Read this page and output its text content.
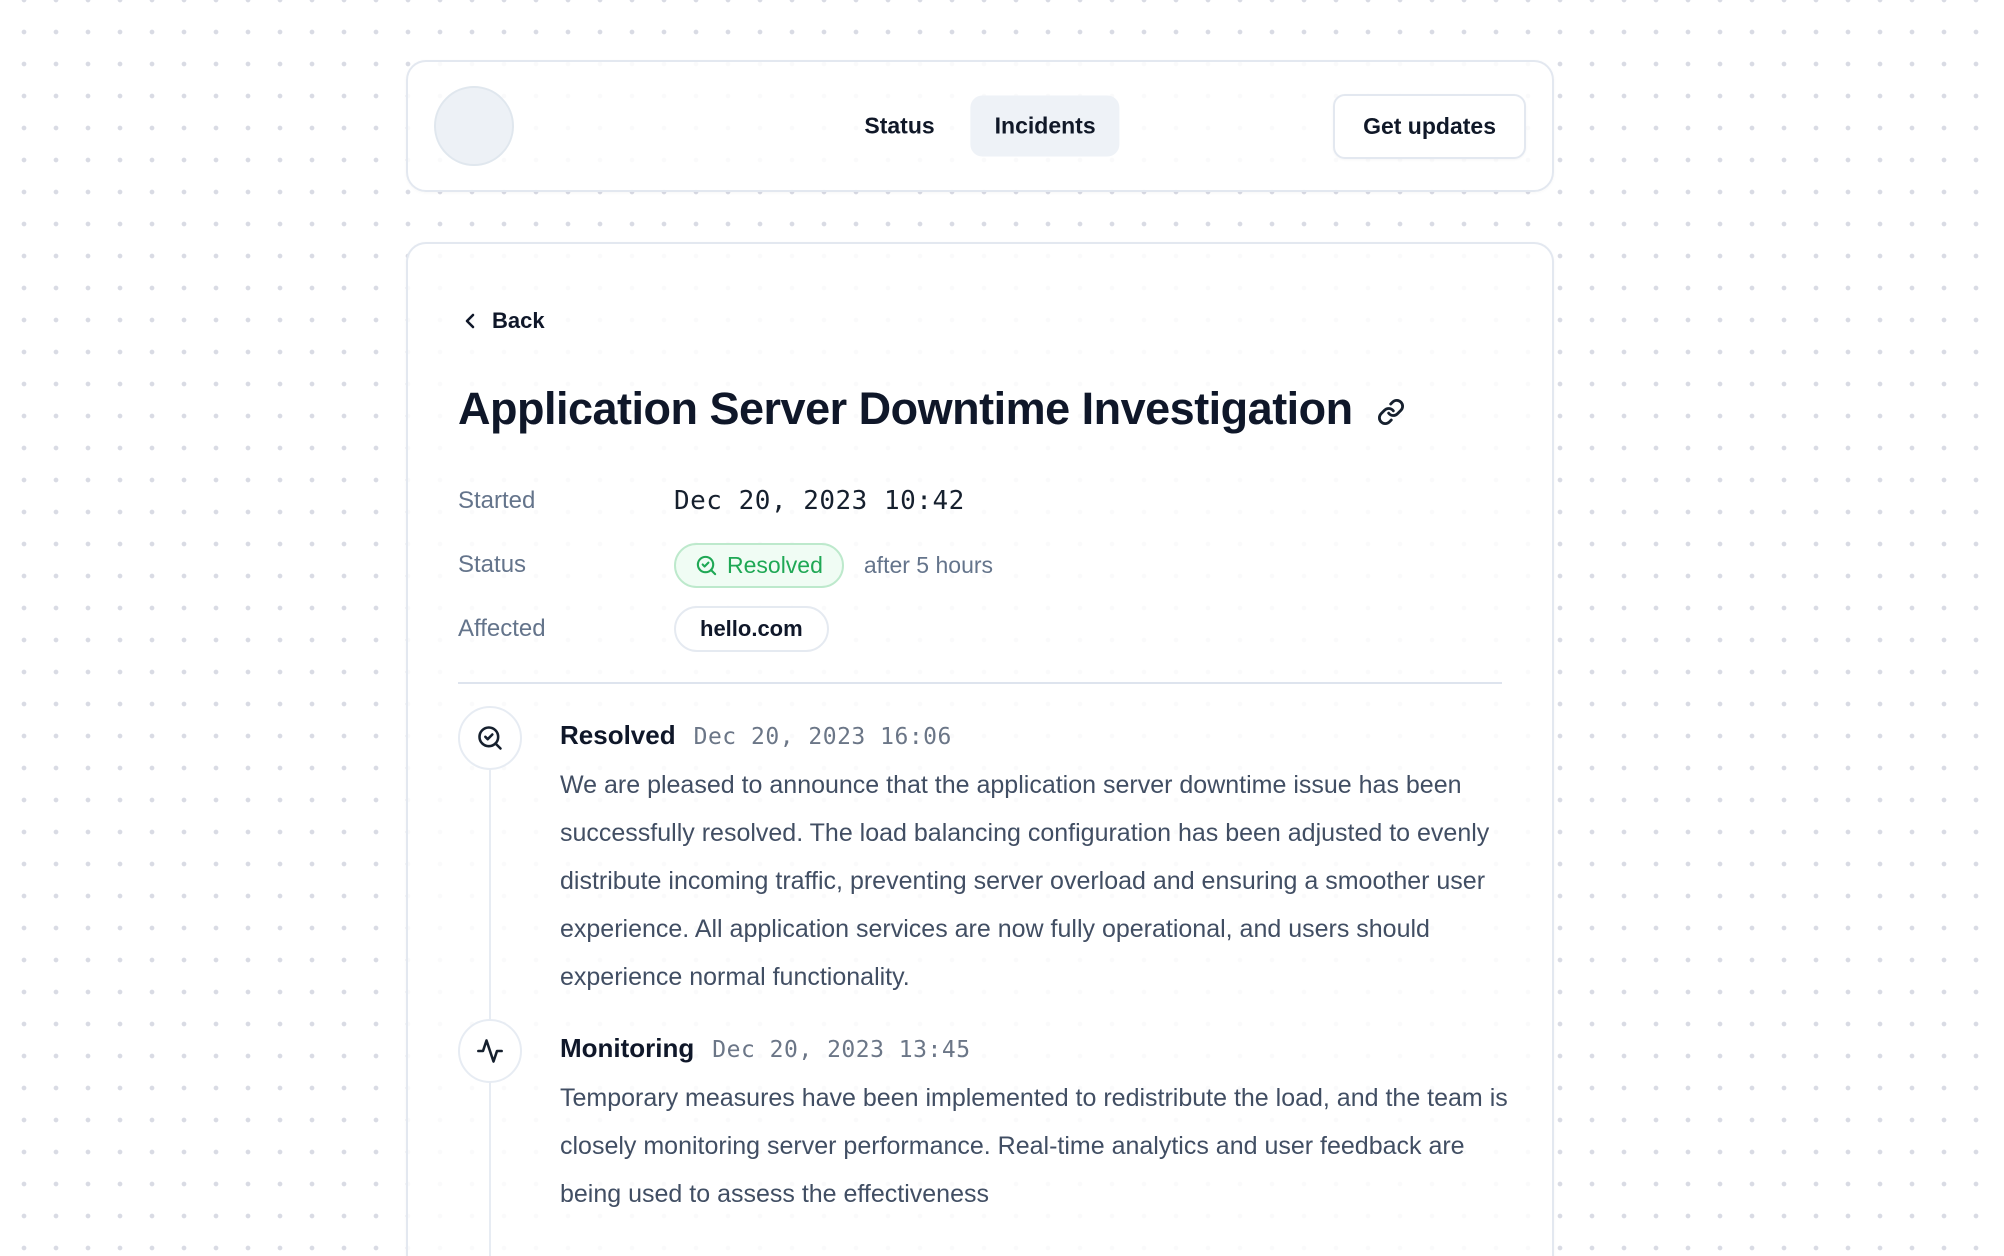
Status	Incidents	Get updates
Back
Application Server Downtime Investigation
Started	Dec 20, 2023 10:42
Status	Resolved after 5 hours
Affected	hello.com
Resolved Dec 20, 2023 16:06

We are pleased to announce that the application server downtime issue has been successfully resolved. The load balancing configuration has been adjusted to evenly distribute incoming traffic, preventing server overload and ensuring a smoother user experience. All application services are now fully operational, and users should experience normal functionality.

Monitoring Dec 20, 2023 13:45

Temporary measures have been implemented to redistribute the load, and the team is closely monitoring server performance. Real-time analytics and user feedback are being used to assess the effectiveness
